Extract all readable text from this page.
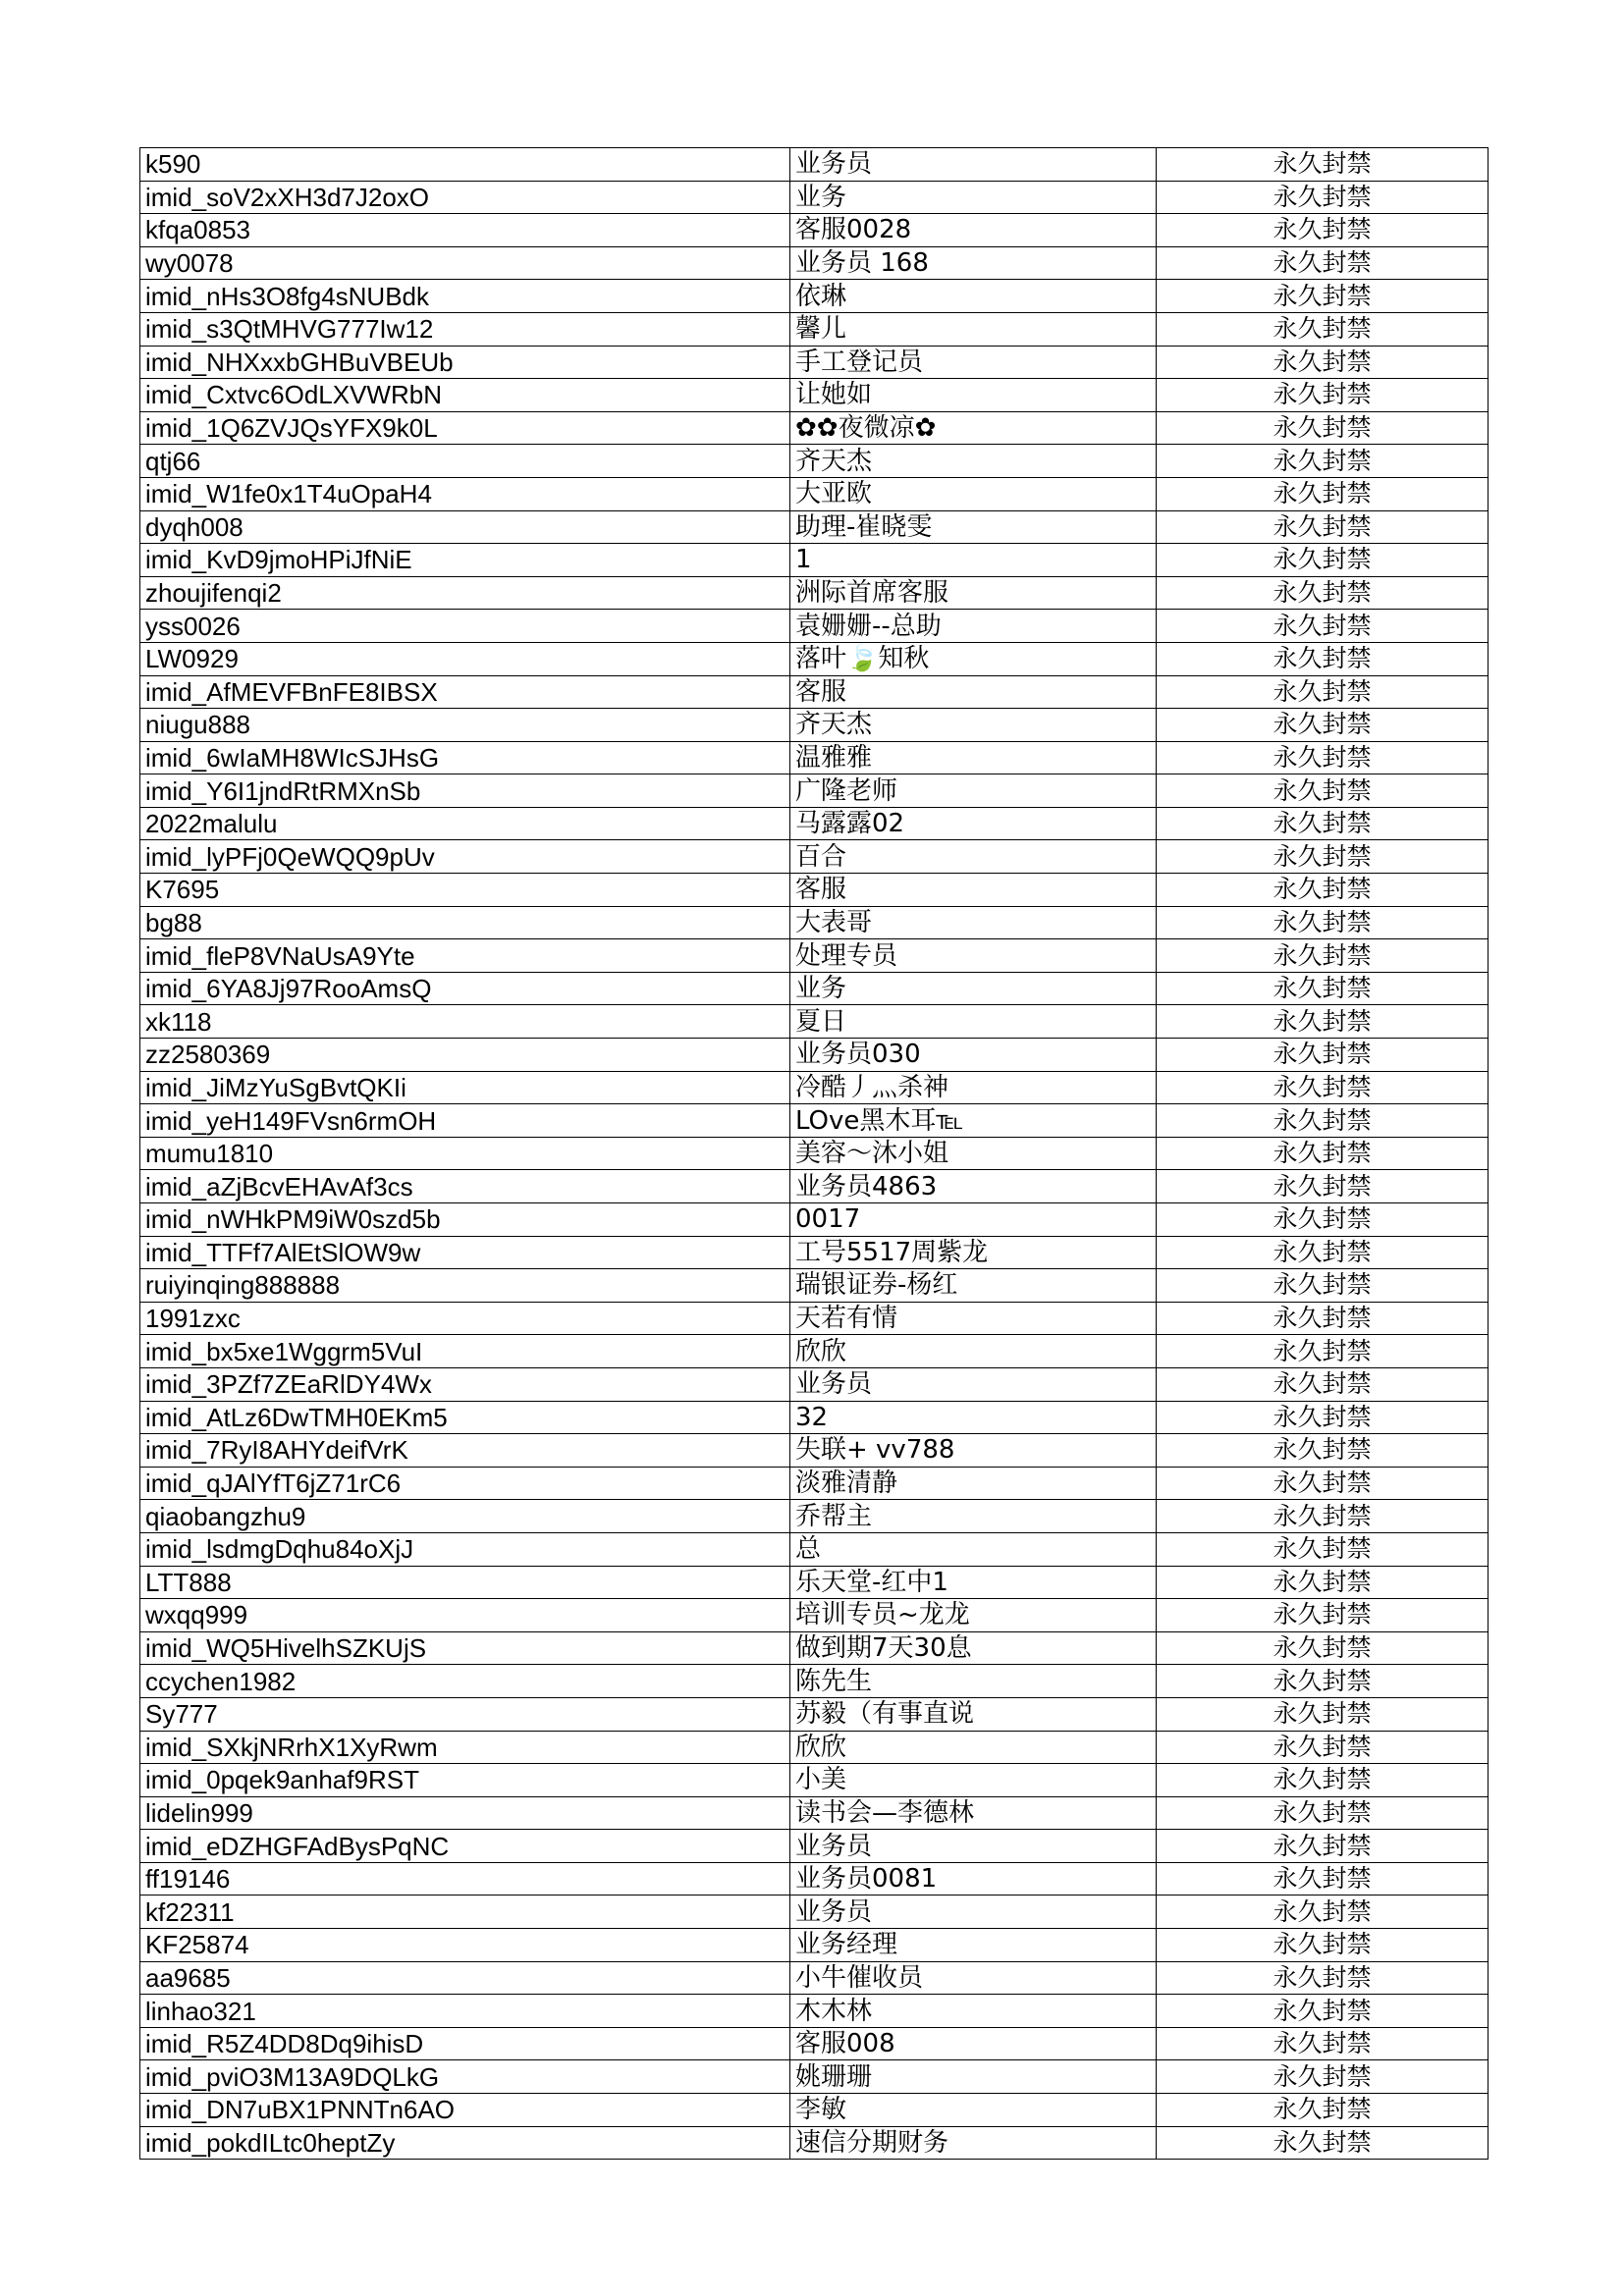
k590	业务员	永久封禁
imid_soV2xXH3d7J2oxO	业务	永久封禁
kfqa0853	客服0028	永久封禁
wy0078	业务员 168	永久封禁
imid_nHs3O8fg4sNUBdk	依琳	永久封禁
imid_s3QtMHVG777Iw12	馨儿	永久封禁
imid_NHXxxbGHBuVBEUb	手工登记员	永久封禁
imid_Cxtvc6OdLXVWRbN	让她如	永久封禁
imid_1Q6ZVJQsYFX9k0L	✿✿夜微凉✿	永久封禁
qtj66	齐天杰	永久封禁
imid_W1fe0x1T4uOpaH4	大亚欧	永久封禁
dyqh008	助理-崔晓雯	永久封禁
imid_KvD9jmoHPiJfNiE	1	永久封禁
zhoujifenqi2	洲际首席客服	永久封禁
yss0026	袁姗姗--总助	永久封禁
LW0929	落叶🍃知秋	永久封禁
imid_AfMEVFBnFE8IBSX	客服	永久封禁
niugu888	齐天杰	永久封禁
imid_6wIaMH8WIcSJHsG	温雅雅	永久封禁
imid_Y6I1jndRtRMXnSb	广隆老师	永久封禁
2022malulu	马露露02	永久封禁
imid_lyPFj0QeWQQ9pUv	百合	永久封禁
K7695	客服	永久封禁
bg88	大表哥	永久封禁
imid_fleP8VNaUsA9Yte	处理专员	永久封禁
imid_6YA8Jj97RooAmsQ	业务	永久封禁
xk118	夏日	永久封禁
zz2580369	业务员030	永久封禁
imid_JiMzYuSgBvtQKIi	冷酷丿灬杀神	永久封禁
imid_yeH149FVsn6rmOH	LOve黑木耳℡	永久封禁
mumu1810	美容～沐小姐	永久封禁
imid_aZjBcvEHAvAf3cs	业务员4863	永久封禁
imid_nWHkPM9iW0szd5b	0017	永久封禁
imid_TTFf7AlEtSlOW9w	工号5517周紫龙	永久封禁
ruiyinqing888888	瑞银证券-杨红	永久封禁
1991zxc	天若有情	永久封禁
imid_bx5xe1Wggrm5VuI	欣欣	永久封禁
imid_3PZf7ZEaRlDY4Wx	业务员	永久封禁
imid_AtLz6DwTMH0EKm5	32	永久封禁
imid_7RyI8AHYdeifVrK	失联+ vv788	永久封禁
imid_qJAlYfT6jZ71rC6	淡雅清静	永久封禁
qiaobangzhu9	乔帮主	永久封禁
imid_lsdmgDqhu84oXjJ	总	永久封禁
LTT888	乐天堂-红中1	永久封禁
wxqq999	培训专员~龙龙	永久封禁
imid_WQ5HivelhSZKUjS	做到期7天30息	永久封禁
ccychen1982	陈先生	永久封禁
Sy777	苏毅（有事直说	永久封禁
imid_SXkjNRrhX1XyRwm	欣欣	永久封禁
imid_0pqek9anhaf9RST	小美	永久封禁
lidelin999	读书会—李德林	永久封禁
imid_eDZHGFAdBysPqNC	业务员	永久封禁
ff19146	业务员0081	永久封禁
kf22311	业务员	永久封禁
KF25874	业务经理	永久封禁
aa9685	小牛催收员	永久封禁
linhao321	木木林	永久封禁
imid_R5Z4DD8Dq9ihisD	客服008	永久封禁
imid_pviO3M13A9DQLkG	姚珊珊	永久封禁
imid_DN7uBX1PNNTn6AO	李敏	永久封禁
imid_pokdILtc0heptZy	速信分期财务	永久封禁
